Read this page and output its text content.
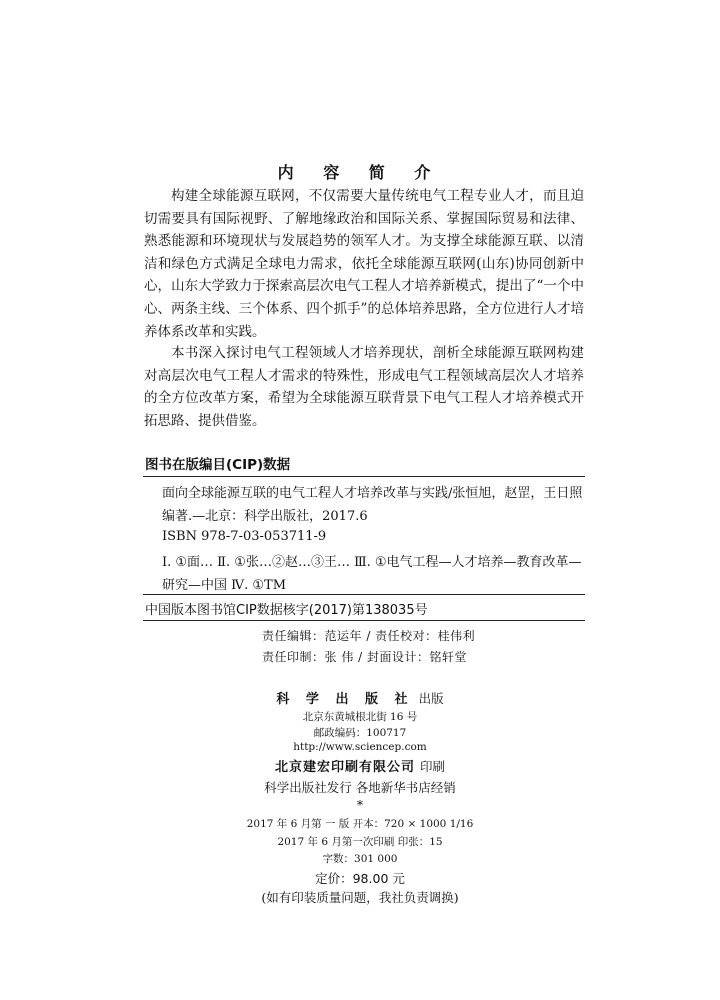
内 容 简 介

构建全球能源互联网，不仅需要大量传统电气工程专业人才，而且迫切需要具有国际视野、了解地缘政治和国际关系、掌握国际贸易和法律、熟悉能源和环境现状与发展趋势的领军人才。为支撑全球能源互联、以清洁和绿色方式满足全球电力需求，依托全球能源互联网(山东)协同创新中心，山东大学致力于探索高层次电气工程人才培养新模式，提出了“一个中心、两条主线、三个体系、四个抓手”的总体培养思路，全方位进行人才培养体系改革和实践。

本书深入探讨电气工程领域人才培养现状，剖析全球能源互联网构建对高层次电气工程人才需求的特殊性，形成电气工程领域高层次人才培养的全方位改革方案，希望为全球能源互联背景下电气工程人才培养模式开拓思路、提供借鉴。

图书在版编目(CIP)数据

面向全球能源互联的电气工程人才培养改革与实践/张恒旭，赵罡，王日照编著.—北京：科学出版社，2017.6

ISBN 978-7-03-053711-9

Ⅰ. ①面… Ⅱ. ①张…②赵…③王… Ⅲ. ①电气工程—人才培养—教育改革—研究—中国 Ⅳ. ①TM

中国版本图书馆CIP数据核字(2017)第138035号
责任编辑：范运年 / 责任校对：桂伟利
责任印制：张 伟 / 封面设计：铭轩堂
科 学 出 版 社 出版
北京东黄城根北街 16 号
邮政编码：100717
http://www.sciencep.com
北京建宏印刷有限公司 印刷
科学出版社发行 各地新华书店经销
*
2017 年 6 月第 一 版 开本：720 × 1000 1/16
2017 年 6 月第一次印刷 印张：15
字数：301 000
定价：98.00 元
(如有印装质量问题，我社负责调换)
